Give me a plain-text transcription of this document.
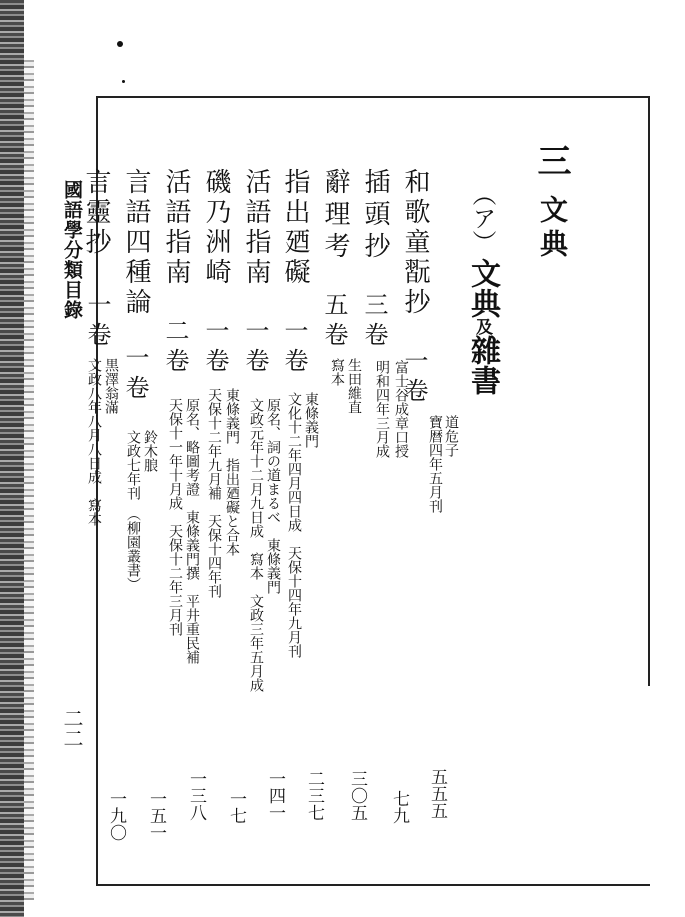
國語學分類目錄
二二
三
文典
（ア）
文典及雜書
和歌童翫抄
一卷
道危子
寶暦四年五月刊
五五五
插頭抄
三卷
富士谷成章口授
明和四年三月成
七九
辭理考
五卷
生田維直
寫本
三〇五
指出廼礙
一卷
東條義門
文化十二年四月四日成　天保十四年九月刊
二三七
活語指南
一卷
原名、詞の道まるべ　東條義門
文政元年十二月九日成　寫本　文政三年五月成
一四一
磯乃洲崎
一卷
東條義門　指出廼礙と合本
天保十二年九月補　天保十四年刊
一七
活語指南
二卷
原名、略圖考證　東條義門撰　平井重民補
天保十一年十月成　天保十二年三月刊
一三八
言語四種論
一卷
鈴木朖
文政七年刊　（柳園叢書）
一五一
言靈抄
一卷
黒澤翁滿
文政八年八月八日成　寫本
一九〇
